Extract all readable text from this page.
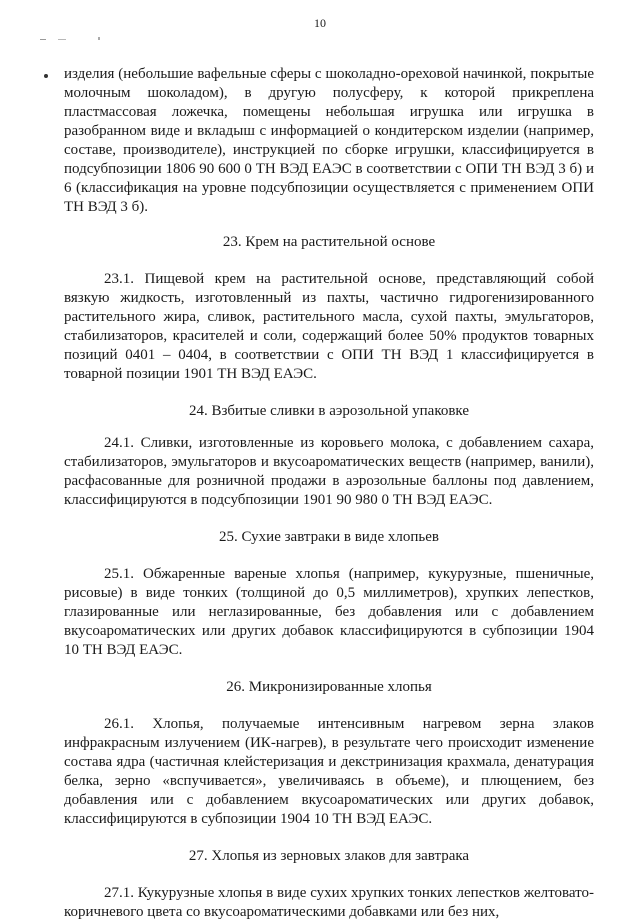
10

изделия (небольшие вафельные сферы с шоколадно-ореховой начинкой, покрытые молочным шоколадом), в другую полусферу, к которой прикреплена пластмассовая ложечка, помещены небольшая игрушка или игрушка в разобранном виде и вкладыш с информацией о кондитерском изделии (например, составе, производителе), инструкцией по сборке игрушки, классифицируется в подсубпозиции 1806 90 600 0 ТН ВЭД ЕАЭС в соответствии с ОПИ ТН ВЭД 3 б) и 6 (классификация на уровне подсубпозиции осуществляется с применением ОПИ ТН ВЭД 3 б).

23. Крем на растительной основе

23.1. Пищевой крем на растительной основе, представляющий собой вязкую жидкость, изготовленный из пахты, частично гидрогенизированного растительного жира, сливок, растительного масла, сухой пахты, эмульгаторов, стабилизаторов, красителей и соли, содержащий более 50% продуктов товарных позиций 0401 – 0404, в соответствии с ОПИ ТН ВЭД 1 классифицируется в товарной позиции 1901 ТН ВЭД ЕАЭС.

24. Взбитые сливки в аэрозольной упаковке

24.1. Сливки, изготовленные из коровьего молока, с добавлением сахара, стабилизаторов, эмульгаторов и вкусоароматических веществ (например, ванили), расфасованные для розничной продажи в аэрозольные баллоны под давлением, классифицируются в подсубпозиции 1901 90 980 0 ТН ВЭД ЕАЭС.

25. Сухие завтраки в виде хлопьев

25.1. Обжаренные вареные хлопья (например, кукурузные, пшеничные, рисовые) в виде тонких (толщиной до 0,5 миллиметров), хрупких лепестков, глазированные или неглазированные, без добавления или с добавлением вкусоароматических или других добавок классифицируются в субпозиции 1904 10 ТН ВЭД ЕАЭС.

26. Микронизированные хлопья

26.1. Хлопья, получаемые интенсивным нагревом зерна злаков инфракрасным излучением (ИК-нагрев), в результате чего происходит изменение состава ядра (частичная клейстеризация и декстринизация крахмала, денатурация белка, зерно «вспучивается», увеличиваясь в объеме), и плющением, без добавления или с добавлением вкусоароматических или других добавок, классифицируются в субпозиции 1904 10 ТН ВЭД ЕАЭС.

27. Хлопья из зерновых злаков для завтрака

27.1. Кукурузные хлопья в виде сухих хрупких тонких лепестков желтовато-коричневого цвета со вкусоароматическими добавками или без них,
